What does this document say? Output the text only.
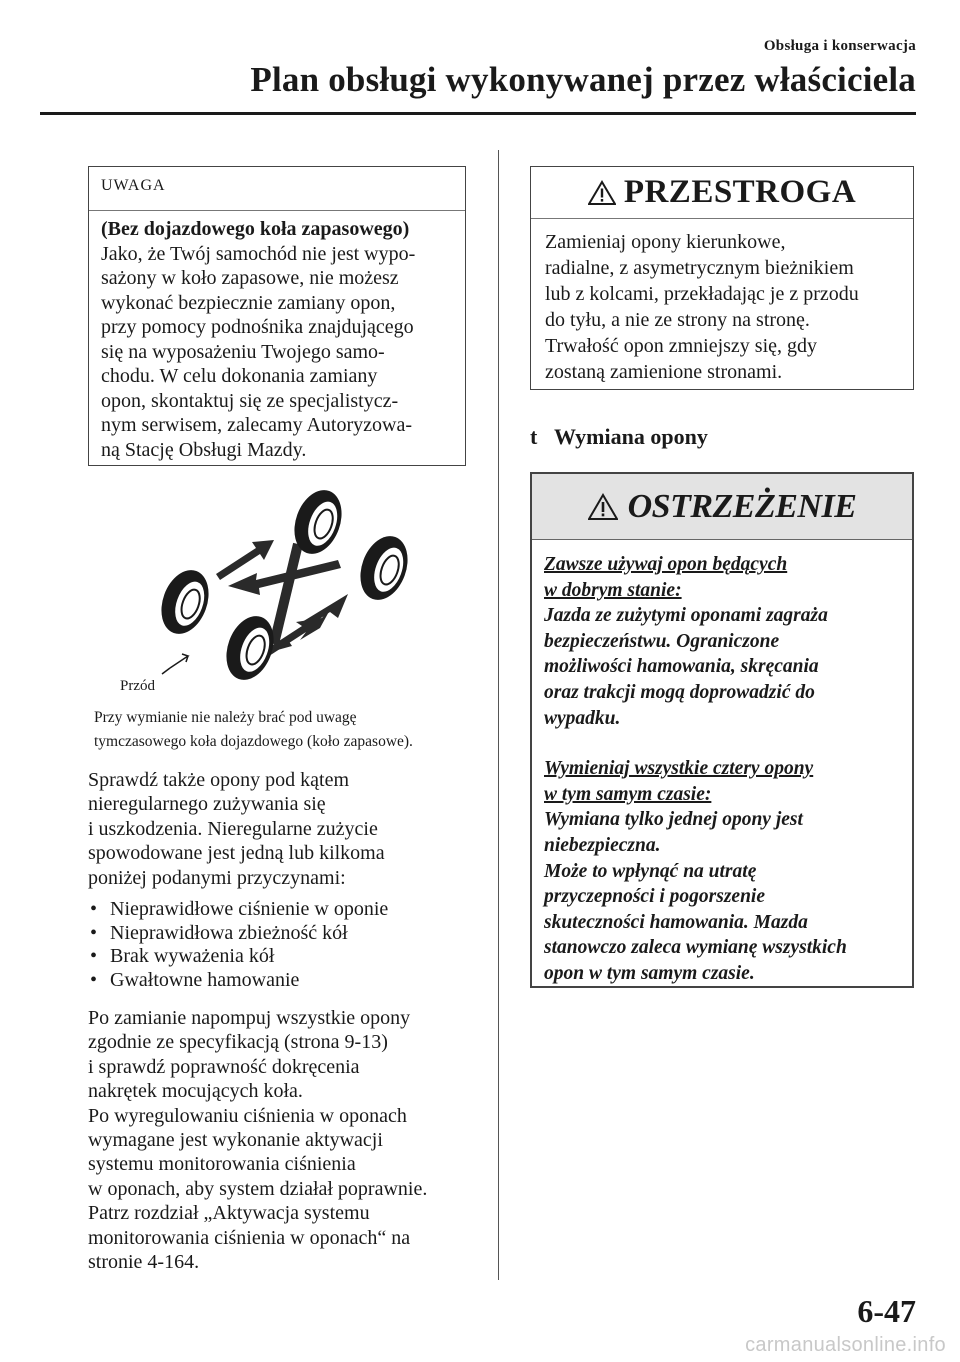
Obsługa i konserwacja
Plan obsługi wykonywanej przez właściciela
UWAGA
(Bez dojazdowego koła zapasowego)
Jako, że Twój samochód nie jest wypo-
sażony w koło zapasowe, nie możesz
wykonać bezpiecznie zamiany opon,
przy pomocy podnośnika znajdującego
się na wyposażeniu Twojego samo-
chodu. W celu dokonania zamiany
opon, skontaktuj się ze specjalistycz-
nym serwisem, zalecamy Autoryzowa-
ną Stację Obsługi Mazdy.
Przód
Przy wymianie nie należy brać pod uwagę
tymczasowego koła dojazdowego (koło zapasowe).
Sprawdź także opony pod kątem
nieregularnego zużywania się
i uszkodzenia. Nieregularne zużycie
spowodowane jest jedną lub kilkoma
poniżej podanymi przyczynami:
• Nieprawidłowe ciśnienie w oponie
• Nieprawidłowa zbieżność kół
• Brak wyważenia kół
• Gwałtowne hamowanie
Po zamianie napompuj wszystkie opony
zgodnie ze specyfikacją (strona 9-13)
i sprawdź poprawność dokręcenia
nakrętek mocujących koła.
Po wyregulowaniu ciśnienia w oponach
wymagane jest wykonanie aktywacji
systemu monitorowania ciśnienia
w oponach, aby system działał poprawnie.
Patrz rozdział „Aktywacja systemu
monitorowania ciśnienia w oponach“ na
stronie 4-164.
PRZESTROGA
Zamieniaj opony kierunkowe,
radialne, z asymetrycznym bieżnikiem
lub z kolcami, przekładając je z przodu
do tyłu, a nie ze strony na stronę.
Trwałość opon zmniejszy się, gdy
zostaną zamienione stronami.
t Wymiana opony
OSTRZEŻENIE
Zawsze używaj opon będących
w dobrym stanie:
Jazda ze zużytymi oponami zagraża
bezpieczeństwu. Ograniczone
możliwości hamowania, skręcania
oraz trakcji mogą doprowadzić do
wypadku.
Wymieniaj wszystkie cztery opony
w tym samym czasie:
Wymiana tylko jednej opony jest
niebezpieczna.
Może to wpłynąć na utratę
przyczepności i pogorszenie
skuteczności hamowania. Mazda
stanowczo zaleca wymianę wszystkich
opon w tym samym czasie.
6-47
carmanualsonline.info
